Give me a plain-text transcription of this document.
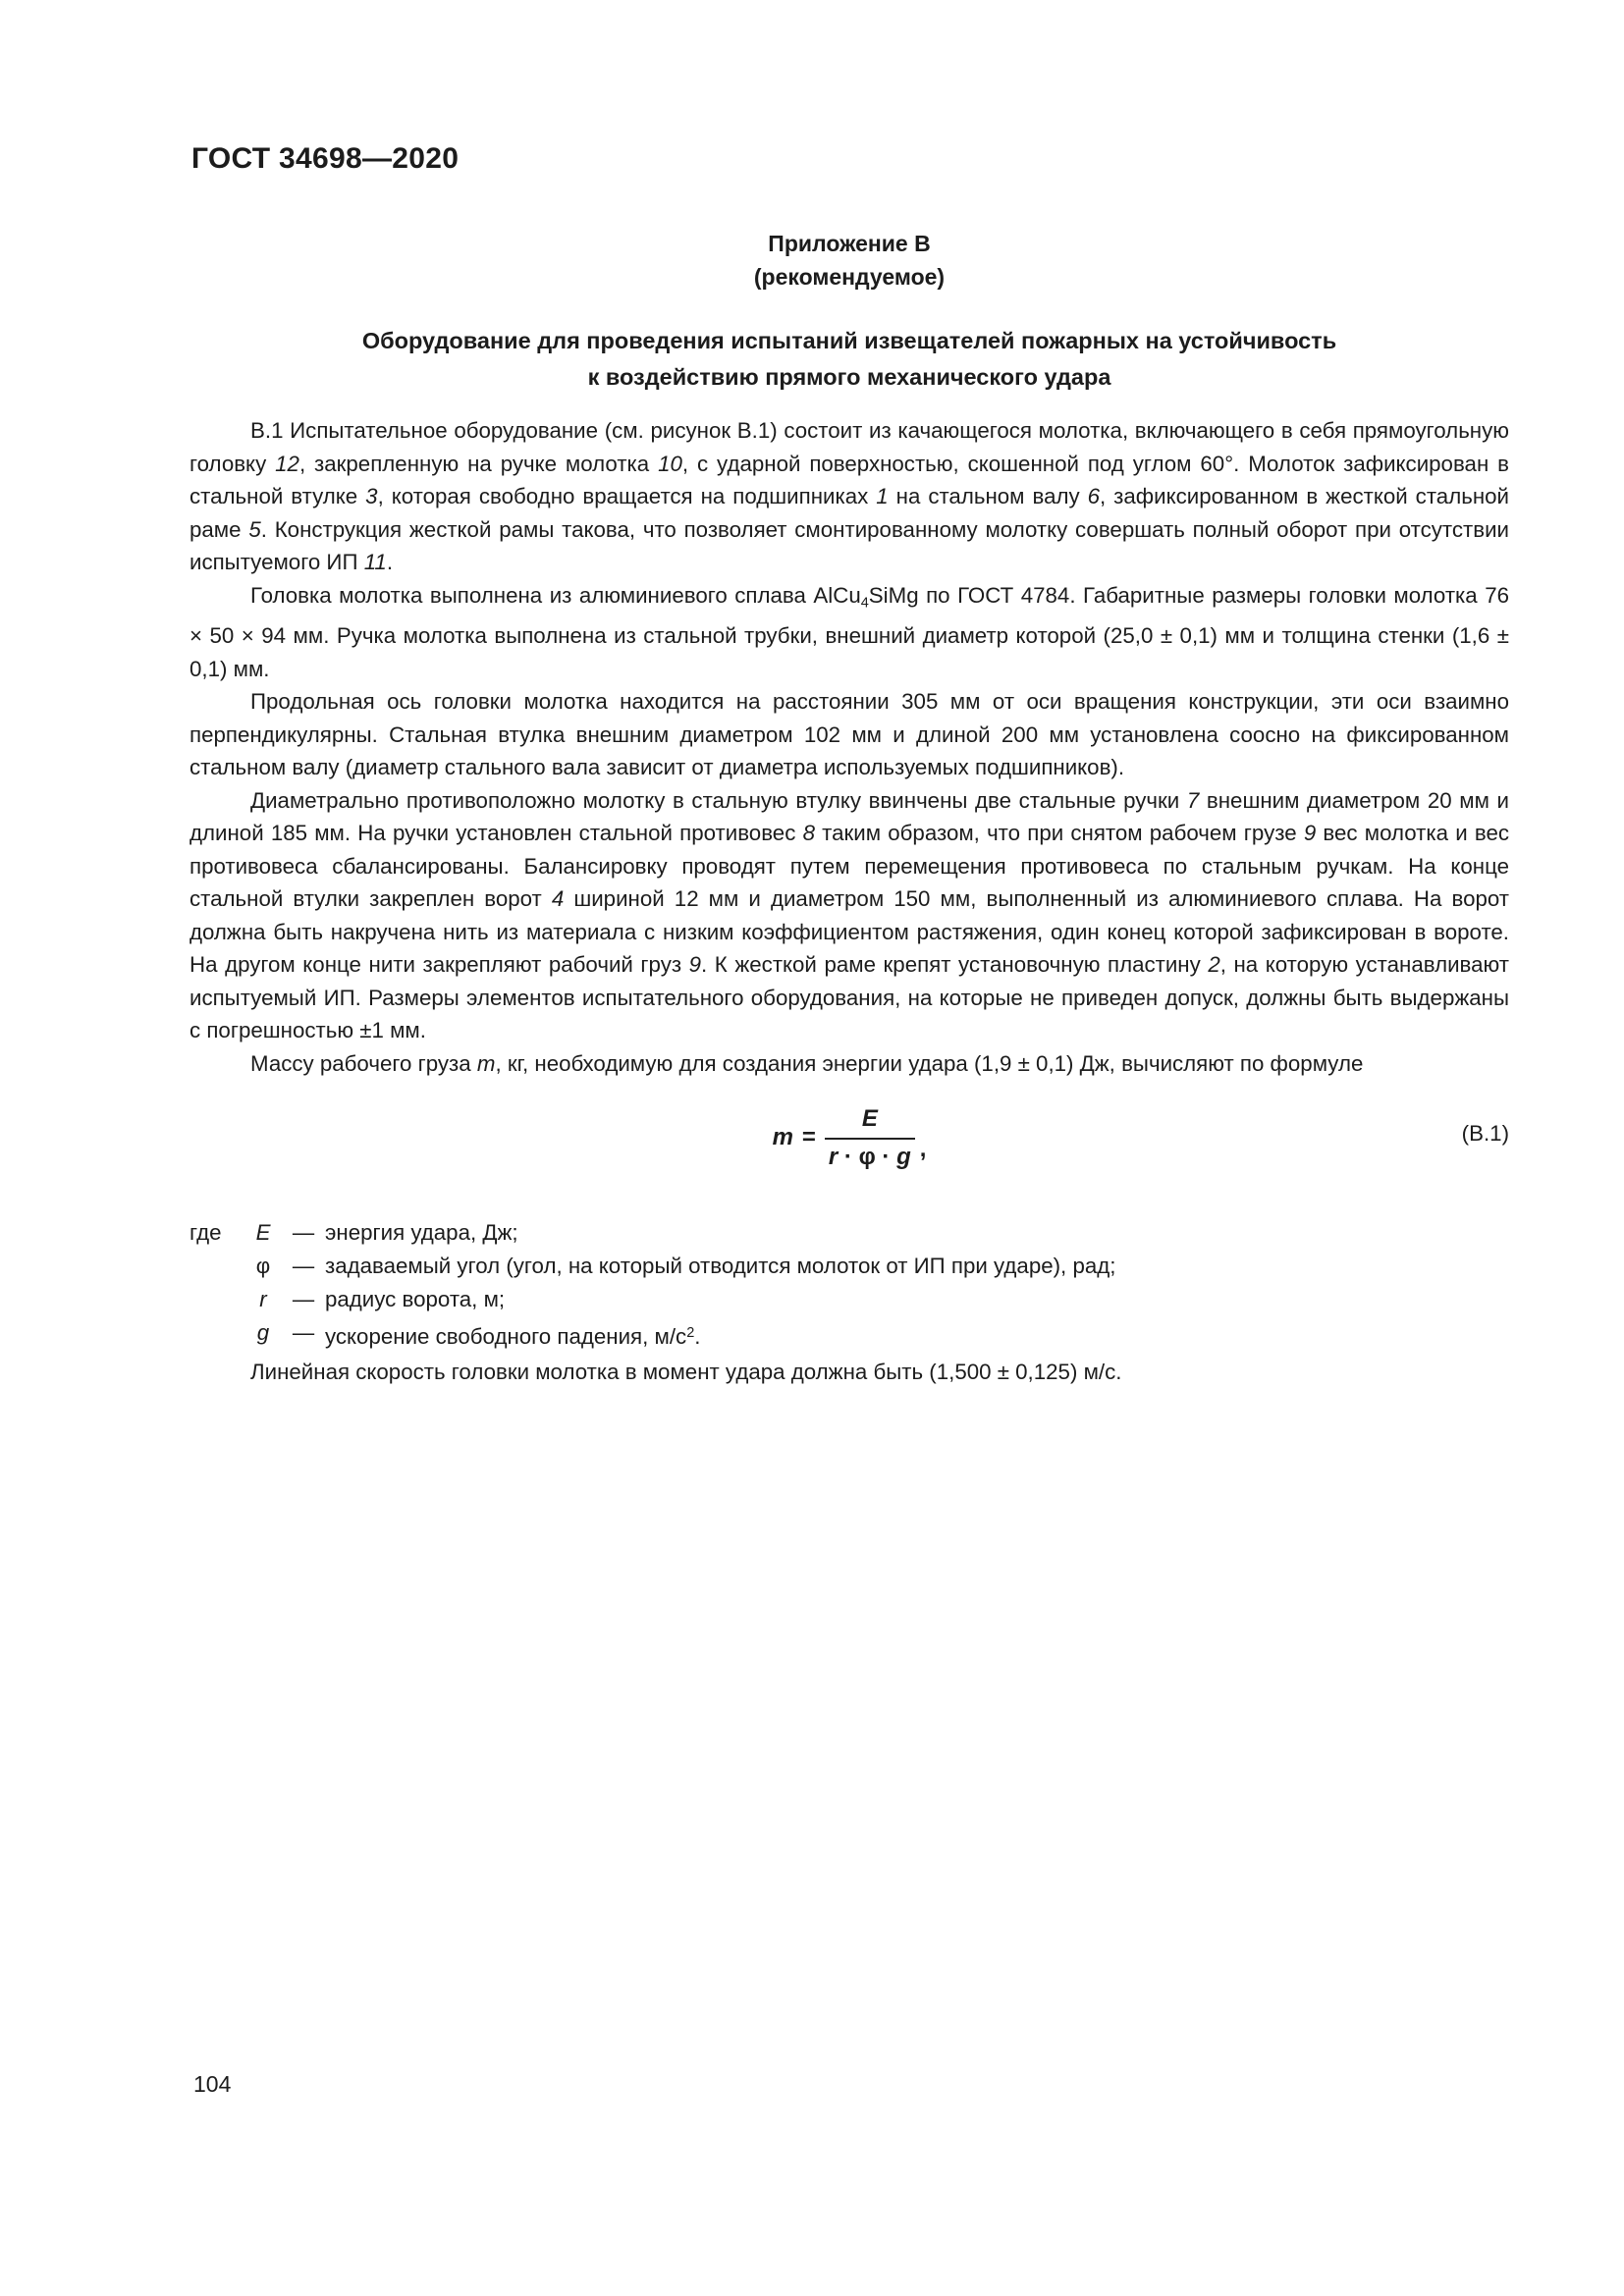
ГОСТ 34698—2020
Приложение В
(рекомендуемое)
Оборудование для проведения испытаний извещателей пожарных на устойчивость
к воздействию прямого механического удара

В.1 Испытательное оборудование (см. рисунок В.1) состоит из качающегося молотка, включающего в себя прямоугольную головку 12, закрепленную на ручке молотка 10, с ударной поверхностью, скошенной под углом 60°. Молоток зафиксирован в стальной втулке 3, которая свободно вращается на подшипниках 1 на стальном валу 6, зафиксированном в жесткой стальной раме 5. Конструкция жесткой рамы такова, что позволяет смонтированному молотку совершать полный оборот при отсутствии испытуемого ИП 11.

Головка молотка выполнена из алюминиевого сплава AlCu4SiMg по ГОСТ 4784. Габаритные размеры головки молотка 76 × 50 × 94 мм. Ручка молотка выполнена из стальной трубки, внешний диаметр которой (25,0 ± 0,1) мм и толщина стенки (1,6 ± 0,1) мм.

Продольная ось головки молотка находится на расстоянии 305 мм от оси вращения конструкции, эти оси взаимно перпендикулярны. Стальная втулка внешним диаметром 102 мм и длиной 200 мм установлена соосно на фиксированном стальном валу (диаметр стального вала зависит от диаметра используемых подшипников).

Диаметрально противоположно молотку в стальную втулку ввинчены две стальные ручки 7 внешним диаметром 20 мм и длиной 185 мм. На ручки установлен стальной противовес 8 таким образом, что при снятом рабочем грузе 9 вес молотка и вес противовеса сбалансированы. Балансировку проводят путем перемещения противовеса по стальным ручкам. На конце стальной втулки закреплен ворот 4 шириной 12 мм и диаметром 150 мм, выполненный из алюминиевого сплава. На ворот должна быть накручена нить из материала с низким коэффициентом растяжения, один конец которой зафиксирован в вороте. На другом конце нити закрепляют рабочий груз 9. К жесткой раме крепят установочную пластину 2, на которую устанавливают испытуемый ИП. Размеры элементов испытательного оборудования, на которые не приведен допуск, должны быть выдержаны с погрешностью ±1 мм.

Массу рабочего груза m, кг, необходимую для создания энергии удара (1,9 ± 0,1) Дж, вычисляют по формуле

$m = \frac{E}{r \cdot \varphi \cdot g}$ ,
(В.1)
где	E	— энергия удара, Дж;
φ	— задаваемый угол (угол, на который отводится молоток от ИП при ударе), рад;
r	— радиус ворота, м;
g	— ускорение свободного падения, $м/с^2$.

Линейная скорость головки молотка в момент удара должна быть (1,500 ± 0,125) м/с.

104
